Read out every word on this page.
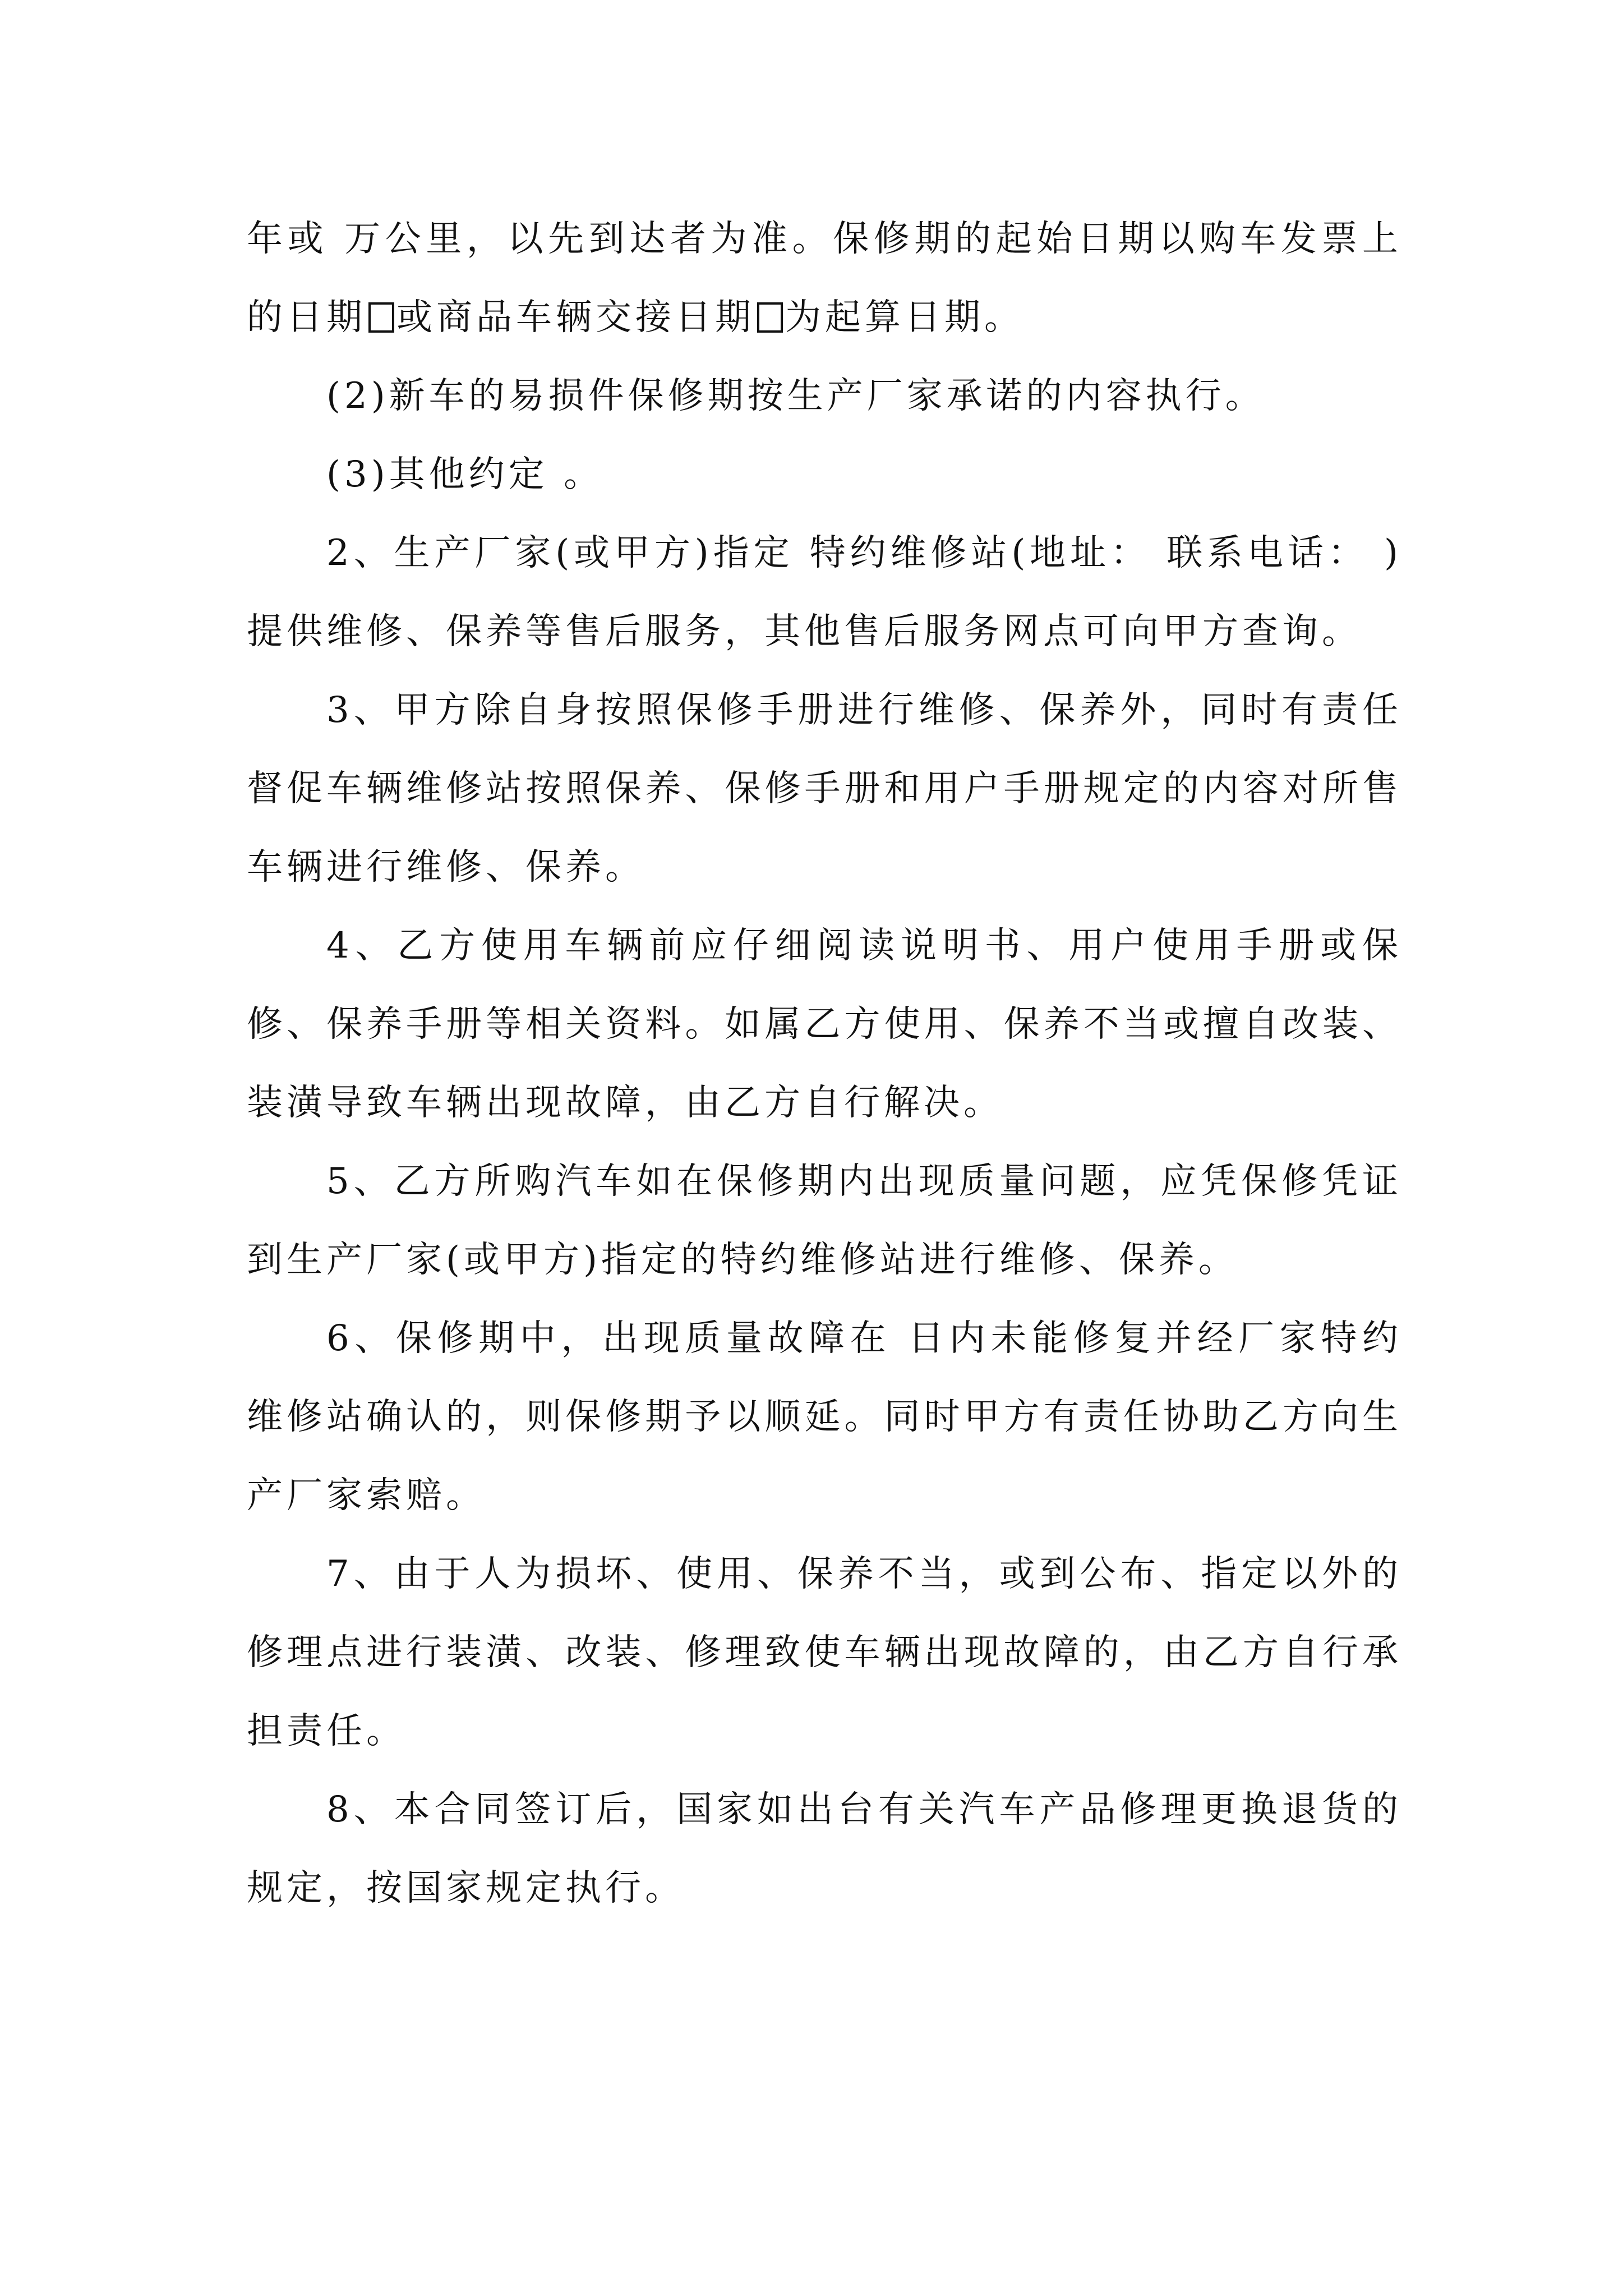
年或 万公里，以先到达者为准。保修期的起始日期以购车发票上的日期 或商品车辆交接日期 为起算日期。

(2)新车的易损件保修期按生产厂家承诺的内容执行。

(3)其他约定 。

2、生产厂家(或甲方)指定 特约维修站(地址： 联系电话： )提供维修、保养等售后服务，其他售后服务网点可向甲方查询。

3、甲方除自身按照保修手册进行维修、保养外，同时有责任督促车辆维修站按照保养、保修手册和用户手册规定的内容对所售车辆进行维修、保养。

4、乙方使用车辆前应仔细阅读说明书、用户使用手册或保修、保养手册等相关资料。如属乙方使用、保养不当或擅自改装、装潢导致车辆出现故障，由乙方自行解决。

5、乙方所购汽车如在保修期内出现质量问题，应凭保修凭证到生产厂家(或甲方)指定的特约维修站进行维修、保养。

6、保修期中，出现质量故障在 日内未能修复并经厂家特约维修站确认的，则保修期予以顺延。同时甲方有责任协助乙方向生产厂家索赔。

7、由于人为损坏、使用、保养不当，或到公布、指定以外的修理点进行装潢、改装、修理致使车辆出现故障的，由乙方自行承担责任。

8、本合同签订后，国家如出台有关汽车产品修理更换退货的规定，按国家规定执行。
